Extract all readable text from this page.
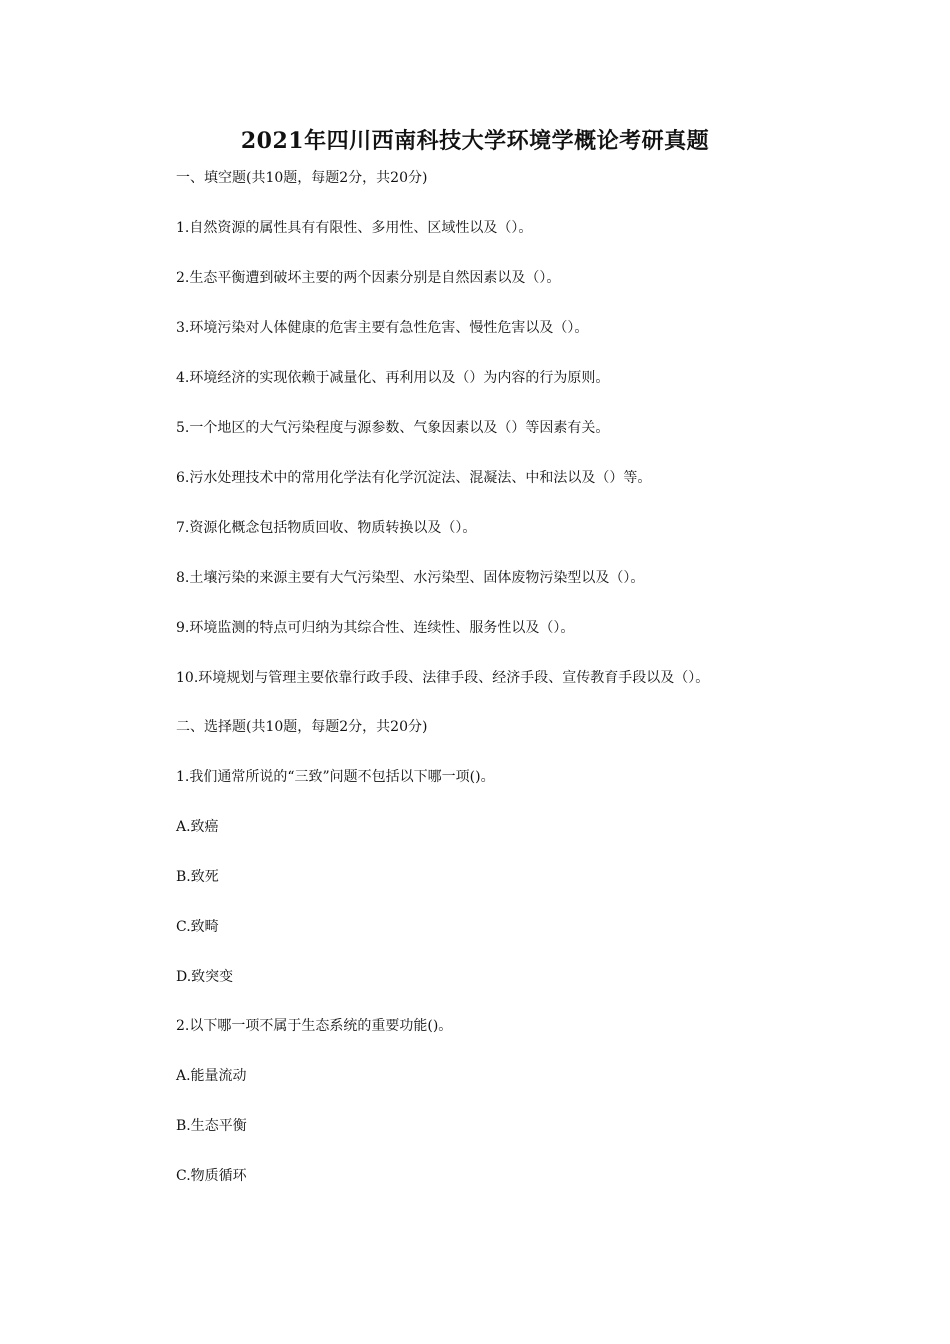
2021年四川西南科技大学环境学概论考研真题
一、填空题(共10题，每题2分，共20分)
1.自然资源的属性具有有限性、多用性、区域性以及（）。
2.生态平衡遭到破坏主要的两个因素分别是自然因素以及（）。
3.环境污染对人体健康的危害主要有急性危害、慢性危害以及（）。
4.环境经济的实现依赖于减量化、再利用以及（）为内容的行为原则。
5.一个地区的大气污染程度与源参数、气象因素以及（）等因素有关。
6.污水处理技术中的常用化学法有化学沉淀法、混凝法、中和法以及（）等。
7.资源化概念包括物质回收、物质转换以及（）。
8.土壤污染的来源主要有大气污染型、水污染型、固体废物污染型以及（）。
9.环境监测的特点可归纳为其综合性、连续性、服务性以及（）。
10.环境规划与管理主要依靠行政手段、法律手段、经济手段、宣传教育手段以及（）。
二、选择题(共10题，每题2分，共20分)
1.我们通常所说的“三致”问题不包括以下哪一项()。
A.致癌
B.致死
C.致畸
D.致突变
2.以下哪一项不属于生态系统的重要功能()。
A.能量流动
B.生态平衡
C.物质循环
